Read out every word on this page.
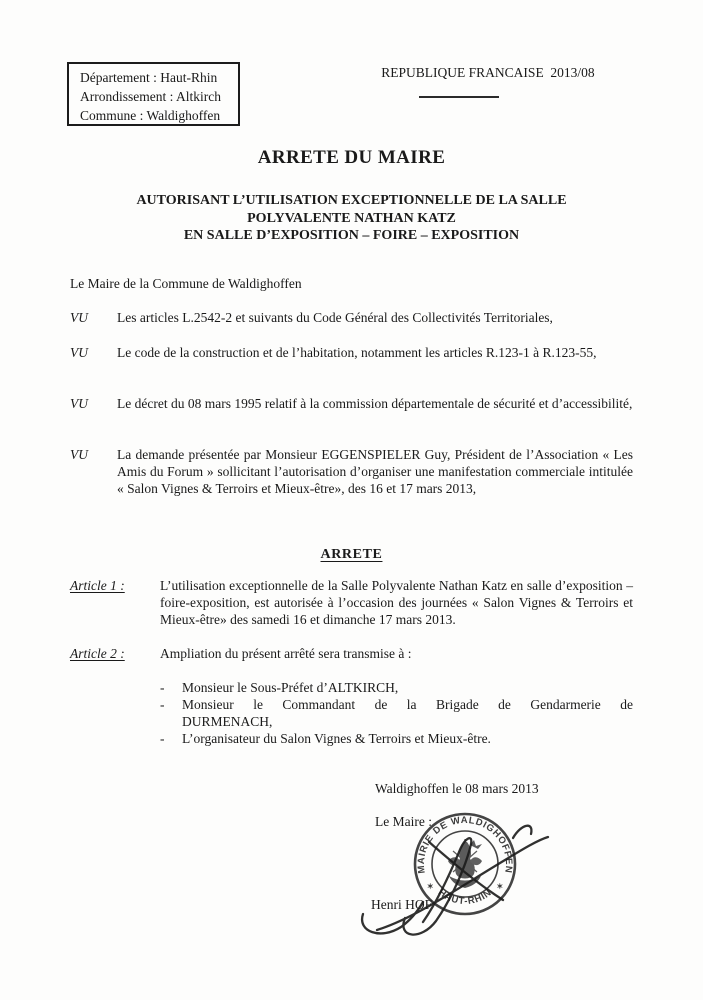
Département : Haut-Rhin
Arrondissement : Altkirch
Commune : Waldighoffen
REPUBLIQUE FRANCAISE  2013/08
ARRETE DU MAIRE
AUTORISANT L’UTILISATION EXCEPTIONNELLE DE LA SALLE
POLYVALENTE NATHAN KATZ
EN SALLE D’EXPOSITION – FOIRE – EXPOSITION
Le Maire de la Commune de Waldighoffen
VU	Les articles L.2542-2 et suivants du Code Général des Collectivités Territoriales,
VU	Le code de la construction et de l’habitation, notamment les articles R.123-1 à R.123-55,
VU	Le décret du 08 mars 1995 relatif à la commission départementale de sécurité et d’accessibilité,
VU	La demande présentée par Monsieur EGGENSPIELER Guy, Président de l’Association « Les Amis du Forum » sollicitant l’autorisation d’organiser une manifestation commerciale intitulée « Salon Vignes & Terroirs et Mieux-être», des 16 et 17 mars 2013,
ARRETE
Article 1 :	L’utilisation exceptionnelle de la Salle Polyvalente Nathan Katz en salle d’exposition – foire-exposition, est autorisée à l’occasion des journées « Salon Vignes & Terroirs et Mieux-être» des samedi 16 et dimanche 17 mars 2013.
Article 2 :	Ampliation du présent arrêté sera transmise à :
-	Monsieur le Sous-Préfet d’ALTKIRCH,
-	Monsieur le Commandant de la Brigade de Gendarmerie de DURMENACH,
-	L’organisateur du Salon Vignes & Terroirs et Mieux-être.
Waldighoffen le 08 mars 2013
Le Maire :
Henri HOF
MAIRIE DE WALDIGHOFFEN
HAUT-RHIN
✶	✶
